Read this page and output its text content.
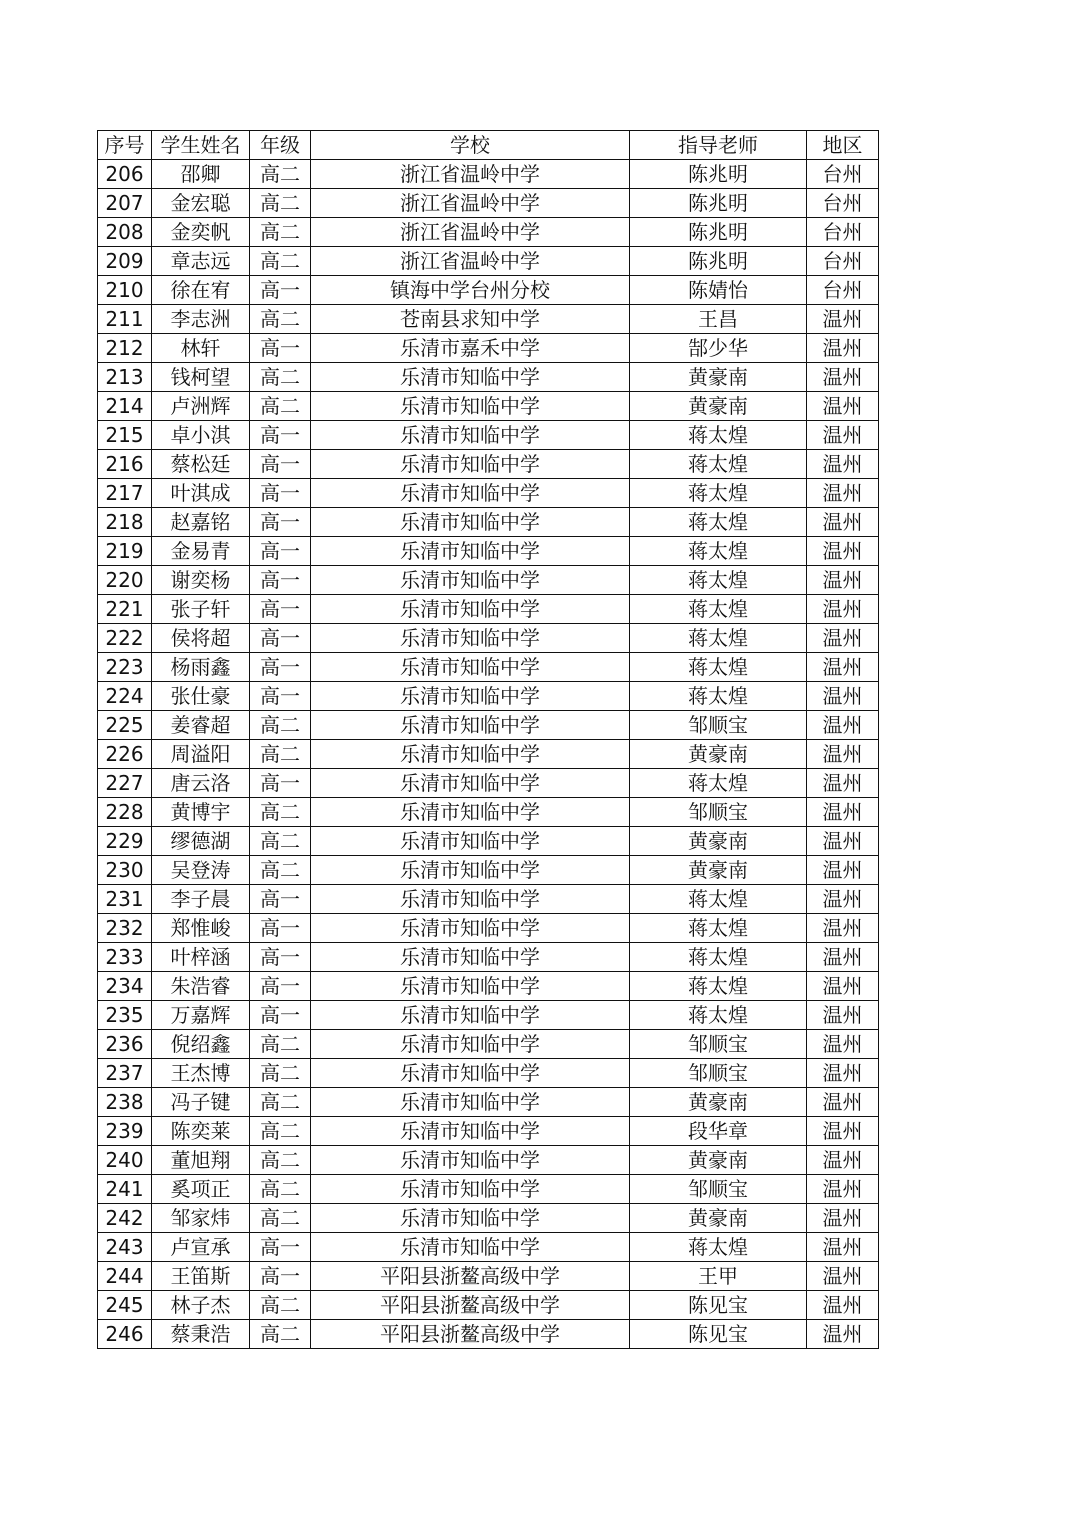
序号	学生姓名	年级	学校	指导老师	地区
206	邵卿	高二	浙江省温岭中学	陈兆明	台州
207	金宏聪	高二	浙江省温岭中学	陈兆明	台州
208	金奕帆	高二	浙江省温岭中学	陈兆明	台州
209	章志远	高二	浙江省温岭中学	陈兆明	台州
210	徐在宥	高一	镇海中学台州分校	陈婧怡	台州
211	李志洲	高二	苍南县求知中学	王昌	温州
212	林轩	高一	乐清市嘉禾中学	郜少华	温州
213	钱柯望	高二	乐清市知临中学	黄豪南	温州
214	卢洲辉	高二	乐清市知临中学	黄豪南	温州
215	卓小淇	高一	乐清市知临中学	蒋太煌	温州
216	蔡松廷	高一	乐清市知临中学	蒋太煌	温州
217	叶淇成	高一	乐清市知临中学	蒋太煌	温州
218	赵嘉铭	高一	乐清市知临中学	蒋太煌	温州
219	金易青	高一	乐清市知临中学	蒋太煌	温州
220	谢奕杨	高一	乐清市知临中学	蒋太煌	温州
221	张子轩	高一	乐清市知临中学	蒋太煌	温州
222	侯将超	高一	乐清市知临中学	蒋太煌	温州
223	杨雨鑫	高一	乐清市知临中学	蒋太煌	温州
224	张仕豪	高一	乐清市知临中学	蒋太煌	温州
225	姜睿超	高二	乐清市知临中学	邹顺宝	温州
226	周溢阳	高二	乐清市知临中学	黄豪南	温州
227	唐云洛	高一	乐清市知临中学	蒋太煌	温州
228	黄博宇	高二	乐清市知临中学	邹顺宝	温州
229	缪德湖	高二	乐清市知临中学	黄豪南	温州
230	吴登涛	高二	乐清市知临中学	黄豪南	温州
231	李子晨	高一	乐清市知临中学	蒋太煌	温州
232	郑惟峻	高一	乐清市知临中学	蒋太煌	温州
233	叶梓涵	高一	乐清市知临中学	蒋太煌	温州
234	朱浩睿	高一	乐清市知临中学	蒋太煌	温州
235	万嘉辉	高一	乐清市知临中学	蒋太煌	温州
236	倪绍鑫	高二	乐清市知临中学	邹顺宝	温州
237	王杰博	高二	乐清市知临中学	邹顺宝	温州
238	冯子键	高二	乐清市知临中学	黄豪南	温州
239	陈奕莱	高二	乐清市知临中学	段华章	温州
240	董旭翔	高二	乐清市知临中学	黄豪南	温州
241	奚项正	高二	乐清市知临中学	邹顺宝	温州
242	邹家炜	高二	乐清市知临中学	黄豪南	温州
243	卢宣承	高一	乐清市知临中学	蒋太煌	温州
244	王笛斯	高一	平阳县浙鳌高级中学	王甲	温州
245	林子杰	高二	平阳县浙鳌高级中学	陈见宝	温州
246	蔡秉浩	高二	平阳县浙鳌高级中学	陈见宝	温州
